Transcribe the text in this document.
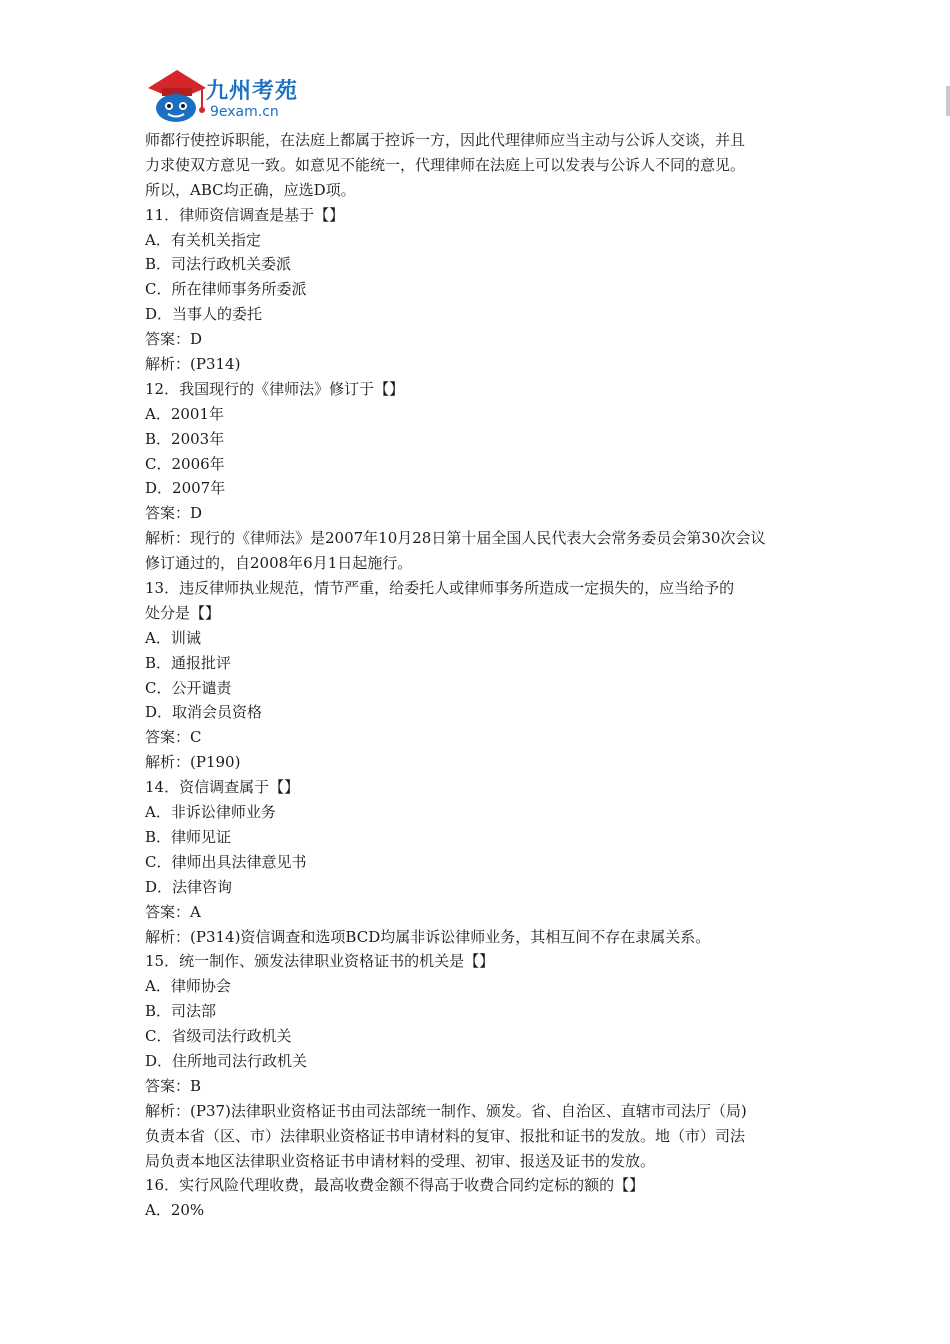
九州考苑
9exam.cn
师都行使控诉职能，在法庭上都属于控诉一方，因此代理律师应当主动与公诉人交谈，并且
力求使双方意见一致。如意见不能统一，代理律师在法庭上可以发表与公诉人不同的意见。
所以，ABC均正确，应选D项。
11．律师资信调查是基于【】
A．有关机关指定
B．司法行政机关委派
C．所在律师事务所委派
D．当事人的委托
答案：D
解析：(P314)
12．我国现行的《律师法》修订于【】
A．2001年
B．2003年
C．2006年
D．2007年
答案：D
解析：现行的《律师法》是2007年10月28日第十届全国人民代表大会常务委员会第30次会议
修订通过的，自2008年6月1日起施行。
13．违反律师执业规范，情节严重，给委托人或律师事务所造成一定损失的，应当给予的
处分是【】
A．训诫
B．通报批评
C．公开谴责
D．取消会员资格
答案：C
解析：(P190)
14．资信调查属于【】
A．非诉讼律师业务
B．律师见证
C．律师出具法律意见书
D．法律咨询
答案：A
解析：(P314)资信调查和选项BCD均属非诉讼律师业务，其相互间不存在隶属关系。
15．统一制作、颁发法律职业资格证书的机关是【】
A．律师协会
B．司法部
C．省级司法行政机关
D．住所地司法行政机关
答案：B
解析：(P37)法律职业资格证书由司法部统一制作、颁发。省、自治区、直辖市司法厅（局)
负责本省（区、市）法律职业资格证书申请材料的复审、报批和证书的发放。地（市）司法
局负责本地区法律职业资格证书申请材料的受理、初审、报送及证书的发放。
16．实行风险代理收费，最高收费金额不得高于收费合同约定标的额的【】
A．20%
